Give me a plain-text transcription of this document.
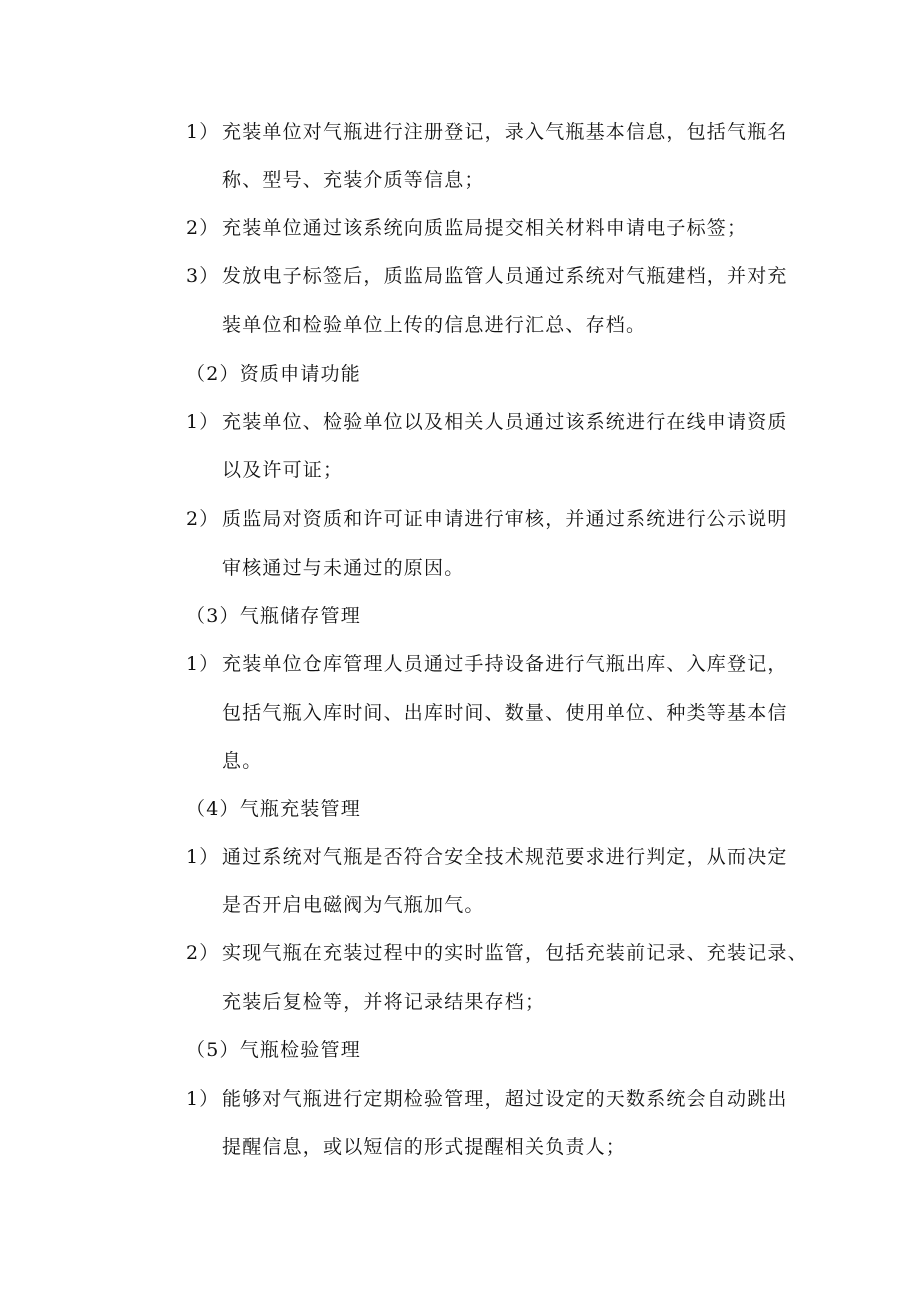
1） 充装单位对气瓶进行注册登记，录入气瓶基本信息，包括气瓶名
称、型号、充装介质等信息；
2） 充装单位通过该系统向质监局提交相关材料申请电子标签；
3） 发放电子标签后，质监局监管人员通过系统对气瓶建档，并对充
装单位和检验单位上传的信息进行汇总、存档。
（2）资质申请功能
1） 充装单位、检验单位以及相关人员通过该系统进行在线申请资质
以及许可证；
2） 质监局对资质和许可证申请进行审核，并通过系统进行公示说明
审核通过与未通过的原因。
（3）气瓶储存管理
1） 充装单位仓库管理人员通过手持设备进行气瓶出库、入库登记，
包括气瓶入库时间、出库时间、数量、使用单位、种类等基本信
息。
（4）气瓶充装管理
1） 通过系统对气瓶是否符合安全技术规范要求进行判定，从而决定
是否开启电磁阀为气瓶加气。
2） 实现气瓶在充装过程中的实时监管，包括充装前记录、充装记录、
充装后复检等，并将记录结果存档；
（5）气瓶检验管理
1） 能够对气瓶进行定期检验管理，超过设定的天数系统会自动跳出
提醒信息，或以短信的形式提醒相关负责人；
